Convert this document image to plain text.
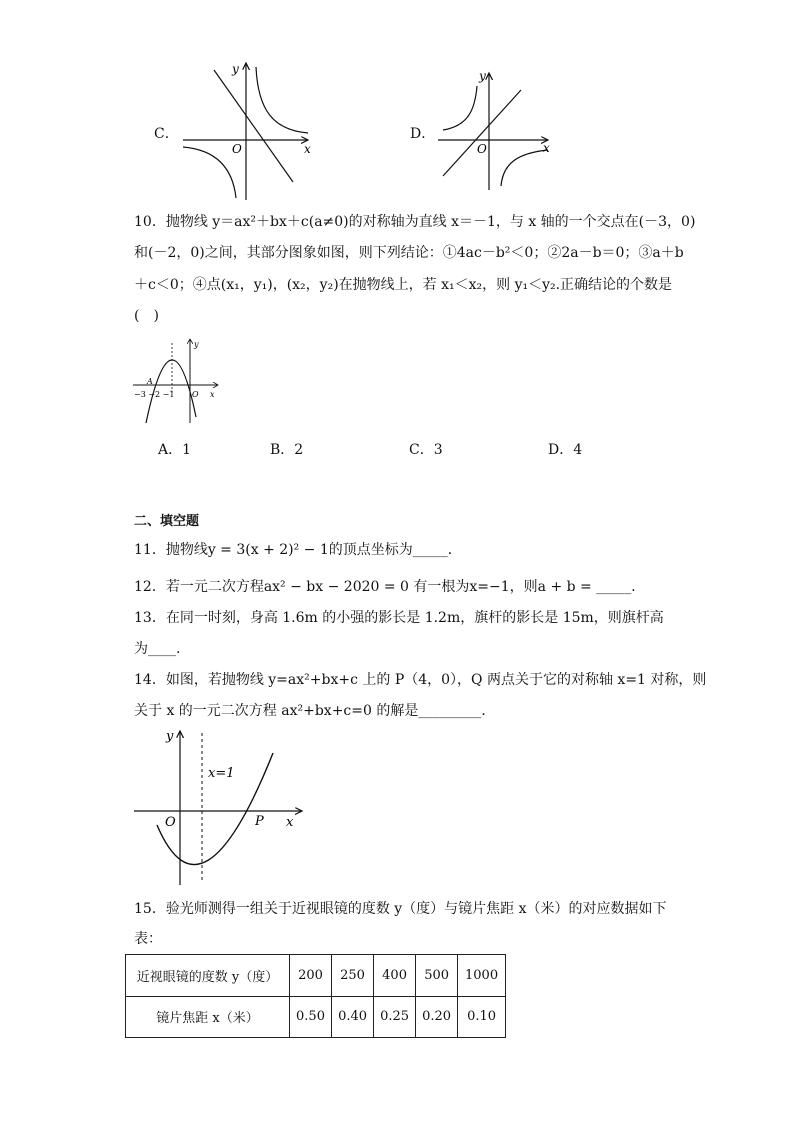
C．
y
x
O
D．
y
x
O
10．抛物线 y＝ax²＋bx＋c(a≠0)的对称轴为直线 x＝－1，与 x 轴的一个交点在(－3，0)
和(－2，0)之间，其部分图象如图，则下列结论：①4ac－b²＜0；②2a－b＝0；③a＋b
＋c＜0；④点(x₁，y₁)，(x₂，y₂)在抛物线上，若 x₁＜x₂，则 y₁＜y₂.正确结论的个数是
(　)
y
x
O
A
−3 −2 −1
A．1	B．2	C．3	D．4
二、填空题
11．抛物线y = 3(x + 2)² − 1的顶点坐标为_____．
12．若一元二次方程ax² − bx − 2020 = 0 有一根为x=−1，则a + b = _____．
13．在同一时刻，身高 1.6m 的小强的影长是 1.2m，旗杆的影长是 15m，则旗杆高
为____.
14．如图，若抛物线 y=ax²+bx+c 上的 P（4，0），Q 两点关于它的对称轴 x=1 对称，则
关于 x 的一元二次方程 ax²+bx+c=0 的解是_________．
y
x
O	P
x=1
15．验光师测得一组关于近视眼镜的度数 y（度）与镜片焦距 x（米）的对应数据如下
表：
近视眼镜的度数 y（度）	200	250	400	500	1000
镜片焦距 x（米）	0.50	0.40	0.25	0.20	0.10
